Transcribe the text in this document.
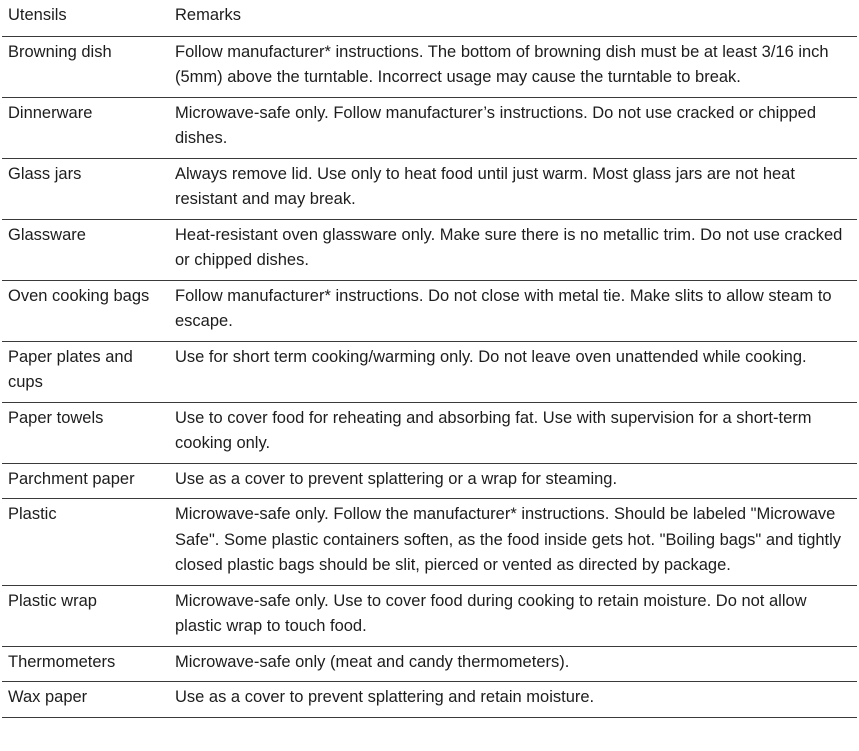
Utensils	Remarks
Browning dish	Follow manufacturer* instructions. The bottom of browning dish must be at least 3/16 inch (5mm) above the turntable. Incorrect usage may cause the turntable to break.
Dinnerware	Microwave-safe only. Follow manufacturer’s instructions. Do not use cracked or chipped dishes.
Glass jars	Always remove lid. Use only to heat food until just warm. Most glass jars are not heat resistant and may break.
Glassware	Heat-resistant oven glassware only. Make sure there is no metallic trim. Do not use cracked or chipped dishes.
Oven cooking bags	Follow manufacturer* instructions. Do not close with metal tie. Make slits to allow steam to escape.
Paper plates and cups	Use for short term cooking/warming only. Do not leave oven unattended while cooking.
Paper towels	Use to cover food for reheating and absorbing fat. Use with supervision for a short-term cooking only.
Parchment paper	Use as a cover to prevent splattering or a wrap for steaming.
Plastic	Microwave-safe only. Follow the manufacturer* instructions. Should be labeled "Microwave Safe". Some plastic containers soften, as the food inside gets hot. "Boiling bags" and tightly closed plastic bags should be slit, pierced or vented as directed by package.
Plastic wrap	Microwave-safe only. Use to cover food during cooking to retain moisture. Do not allow plastic wrap to touch food.
Thermometers	Microwave-safe only (meat and candy thermometers).
Wax paper	Use as a cover to prevent splattering and retain moisture.
